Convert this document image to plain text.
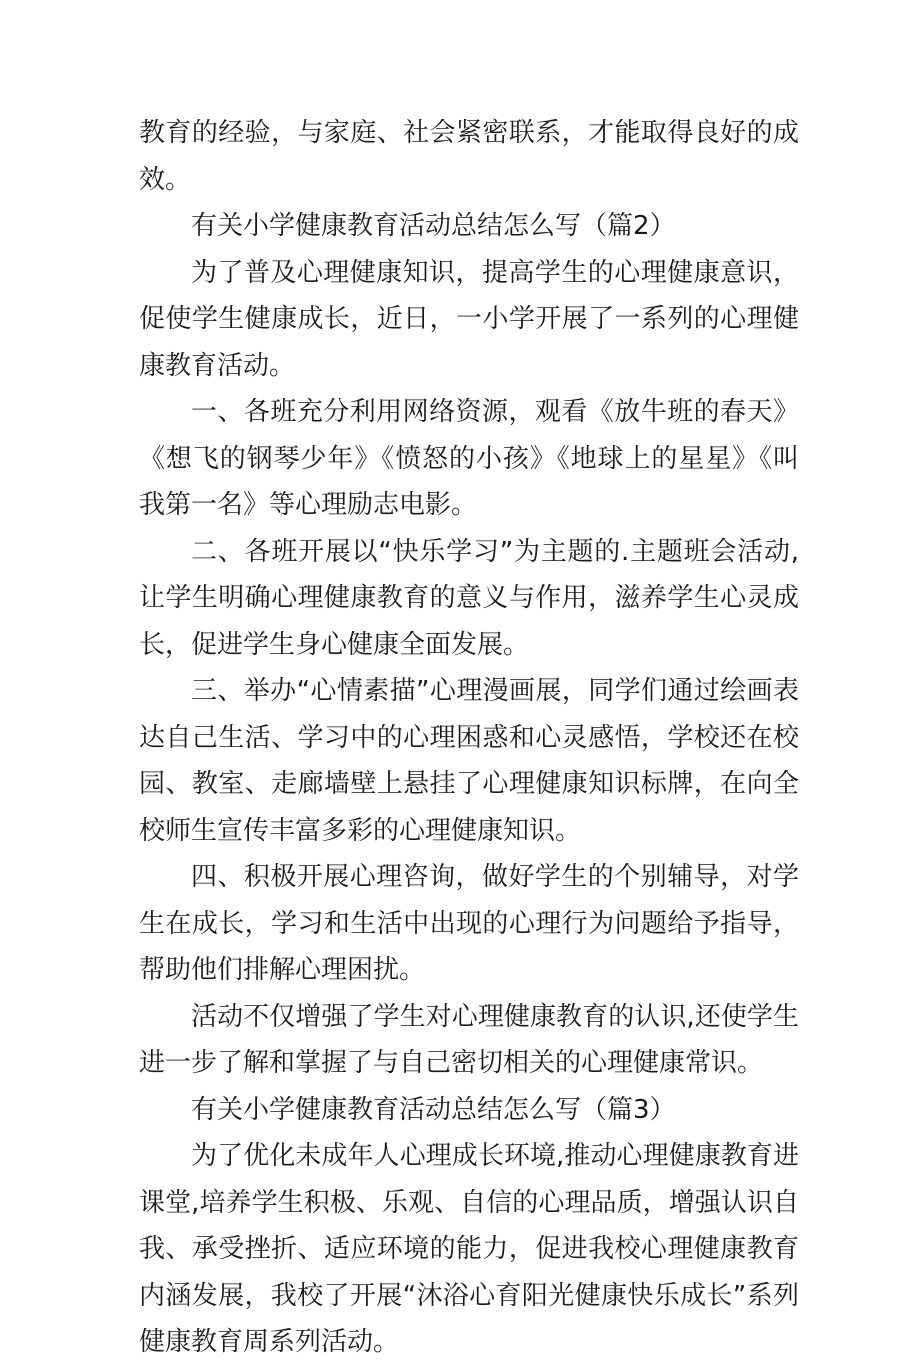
教育的经验，与家庭、社会紧密联系，才能取得良好的成效。

有关小学健康教育活动总结怎么写（篇2）

为了普及心理健康知识，提高学生的心理健康意识，促使学生健康成长，近日，一小学开展了一系列的心理健康教育活动。

一、各班充分利用网络资源，观看《放牛班的春天》《想飞的钢琴少年》《愤怒的小孩》《地球上的星星》《叫我第一名》等心理励志电影。

二、各班开展以“快乐学习”为主题的.主题班会活动,让学生明确心理健康教育的意义与作用，滋养学生心灵成长，促进学生身心健康全面发展。

三、举办“心情素描”心理漫画展，同学们通过绘画表达自己生活、学习中的心理困惑和心灵感悟，学校还在校园、教室、走廊墙壁上悬挂了心理健康知识标牌，在向全校师生宣传丰富多彩的心理健康知识。

四、积极开展心理咨询，做好学生的个别辅导，对学生在成长，学习和生活中出现的心理行为问题给予指导，帮助他们排解心理困扰。

活动不仅增强了学生对心理健康教育的认识,还使学生进一步了解和掌握了与自己密切相关的心理健康常识。

有关小学健康教育活动总结怎么写（篇3）

为了优化未成年人心理成长环境,推动心理健康教育进课堂,培养学生积极、乐观、自信的心理品质，增强认识自我、承受挫折、适应环境的能力，促进我校心理健康教育内涵发展，我校了开展“沐浴心育阳光健康快乐成长”系列健康教育周系列活动。
